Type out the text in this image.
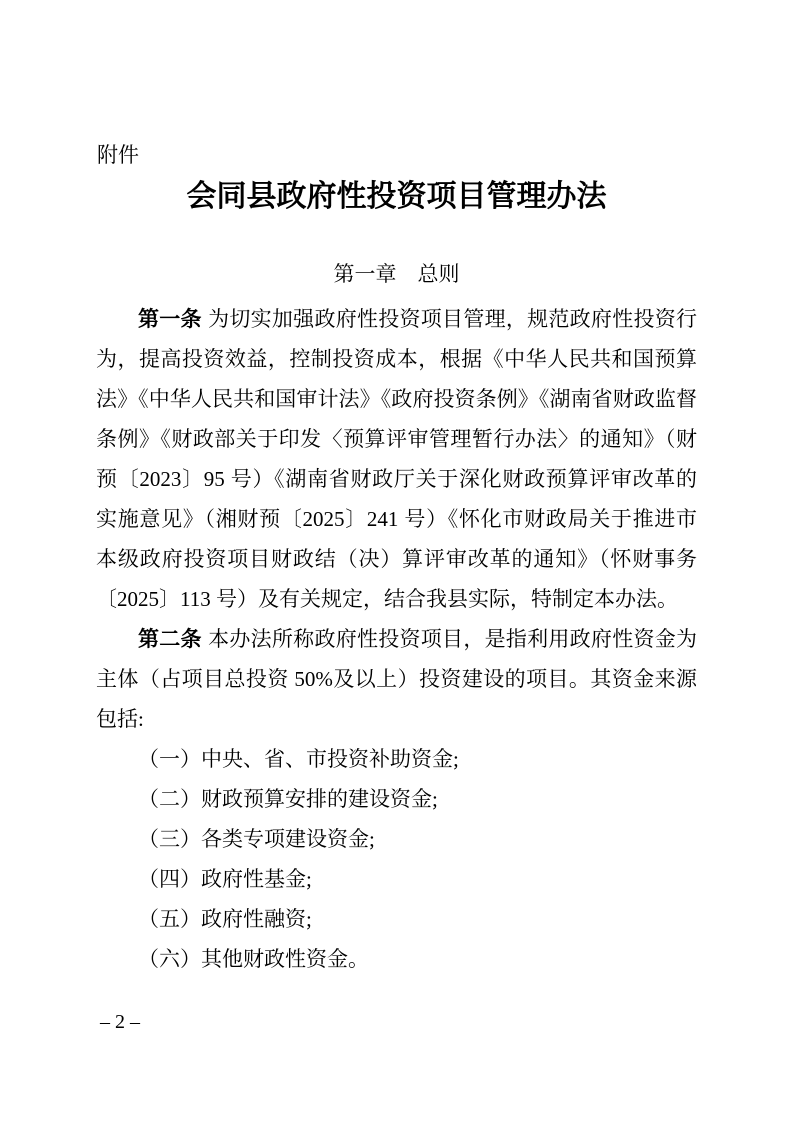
附件
会同县政府性投资项目管理办法
第一章　总则

第一条 为切实加强政府性投资项目管理，规范政府性投资行为，提高投资效益，控制投资成本，根据《中华人民共和国预算法》《中华人民共和国审计法》《政府投资条例》《湖南省财政监督条例》《财政部关于印发〈预算评审管理暂行办法〉的通知》（财预〔2023〕95 号）《湖南省财政厅关于深化财政预算评审改革的实施意见》（湘财预〔2025〕241 号）《怀化市财政局关于推进市本级政府投资项目财政结（决）算评审改革的通知》（怀财事务〔2025〕113 号）及有关规定，结合我县实际，特制定本办法。

第二条 本办法所称政府性投资项目，是指利用政府性资金为主体（占项目总投资 50%及以上）投资建设的项目。其资金来源包括:

（一）中央、省、市投资补助资金;

（二）财政预算安排的建设资金;

（三）各类专项建设资金;

（四）政府性基金;

（五）政府性融资;

（六）其他财政性资金。

– 2 –
